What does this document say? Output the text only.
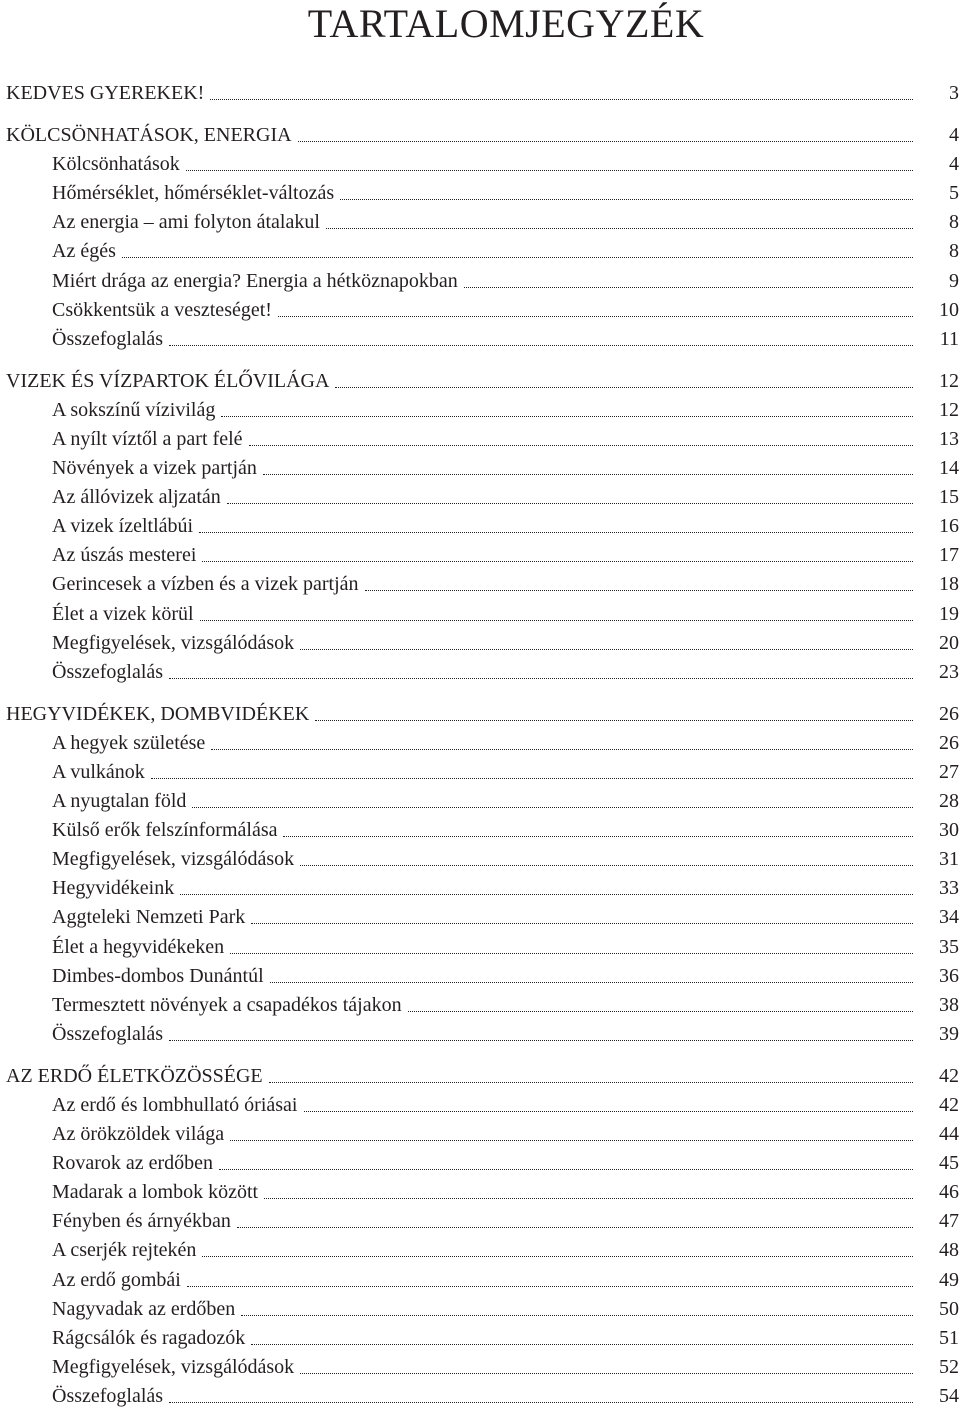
TARTALOMJEGYZÉK
KEDVES GYEREKEK!	3
KÖLCSÖNHATÁSOK, ENERGIA	4
Kölcsönhatások	4
Hőmérséklet, hőmérséklet-változás	5
Az energia – ami folyton átalakul	8
Az égés	8
Miért drága az energia? Energia a hétköznapokban	9
Csökkentsük a veszteséget!	10
Összefoglalás	11
VIZEK ÉS VÍZPARTOK ÉLŐVILÁGA	12
A sokszínű vízivilág	12
A nyílt víztől a part felé	13
Növények a vizek partján	14
Az állóvizek aljzatán	15
A vizek ízeltlábúi	16
Az úszás mesterei	17
Gerincesek a vízben és a vizek partján	18
Élet a vizek körül	19
Megfigyelések, vizsgálódások	20
Összefoglalás	23
HEGYVIDÉKEK, DOMBVIDÉKEK	26
A hegyek születése	26
A vulkánok	27
A nyugtalan föld	28
Külső erők felszínformálása	30
Megfigyelések, vizsgálódások	31
Hegyvidékeink	33
Aggteleki Nemzeti Park	34
Élet a hegyvidékeken	35
Dimbes-dombos Dunántúl	36
Termesztett növények a csapadékos tájakon	38
Összefoglalás	39
AZ ERDŐ ÉLETKÖZÖSSÉGE	42
Az erdő és lombhullató óriásai	42
Az örökzöldek világa	44
Rovarok az erdőben	45
Madarak a lombok között	46
Fényben és árnyékban	47
A cserjék rejtekén	48
Az erdő gombái	49
Nagyvadak az erdőben	50
Rágcsálók és ragadozók	51
Megfigyelések, vizsgálódások	52
Összefoglalás	54
